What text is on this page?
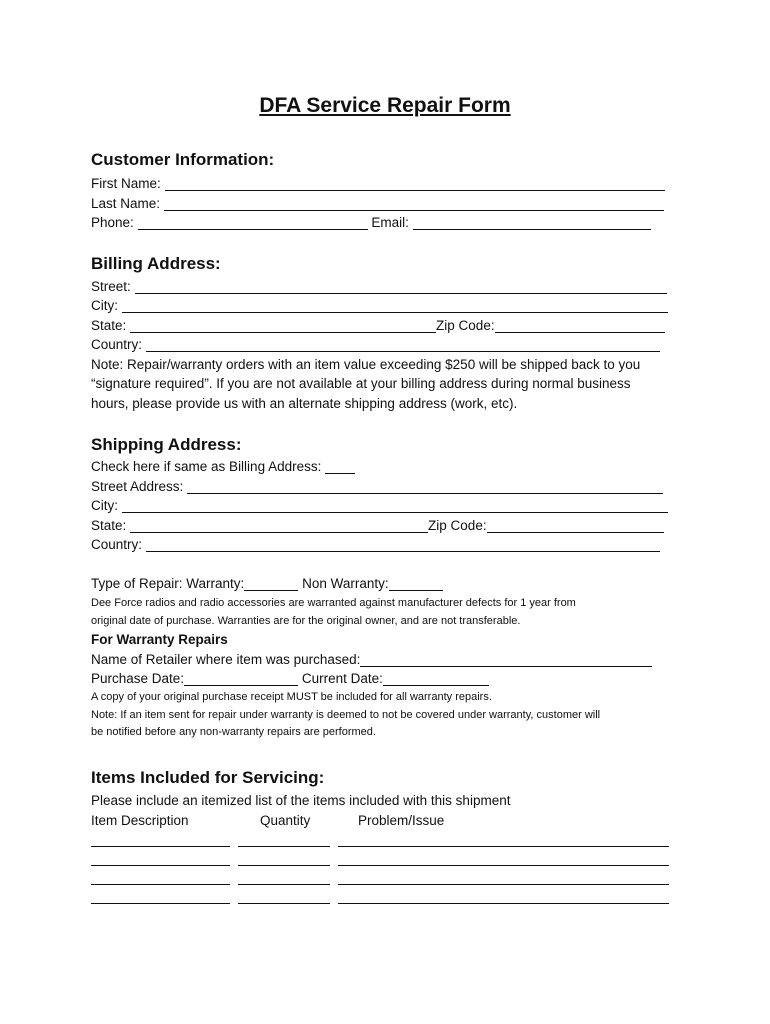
DFA Service Repair Form
Customer Information:
First Name:
Last Name:
Phone:	Email:
Billing Address:
Street:
City:
State:	Zip Code:
Country:
Note: Repair/warranty orders with an item value exceeding $250 will be shipped back to you
“signature required”. If you are not available at your billing address during normal business
hours, please provide us with an alternate shipping address (work, etc).
Shipping Address:
Check here if same as Billing Address:
Street Address:
City:
State:	Zip Code:
Country:
Type of Repair: Warranty:	Non Warranty:
Dee Force radios and radio accessories are warranted against manufacturer defects for 1 year from
original date of purchase. Warranties are for the original owner, and are not transferable.
For Warranty Repairs
Name of Retailer where item was purchased:
Purchase Date:	Current Date:
A copy of your original purchase receipt MUST be included for all warranty repairs.
Note: If an item sent for repair under warranty is deemed to not be covered under warranty, customer will
be notified before any non-warranty repairs are performed.
Items Included for Servicing:
Please include an itemized list of the items included with this shipment
Item Description	Quantity	Problem/Issue
